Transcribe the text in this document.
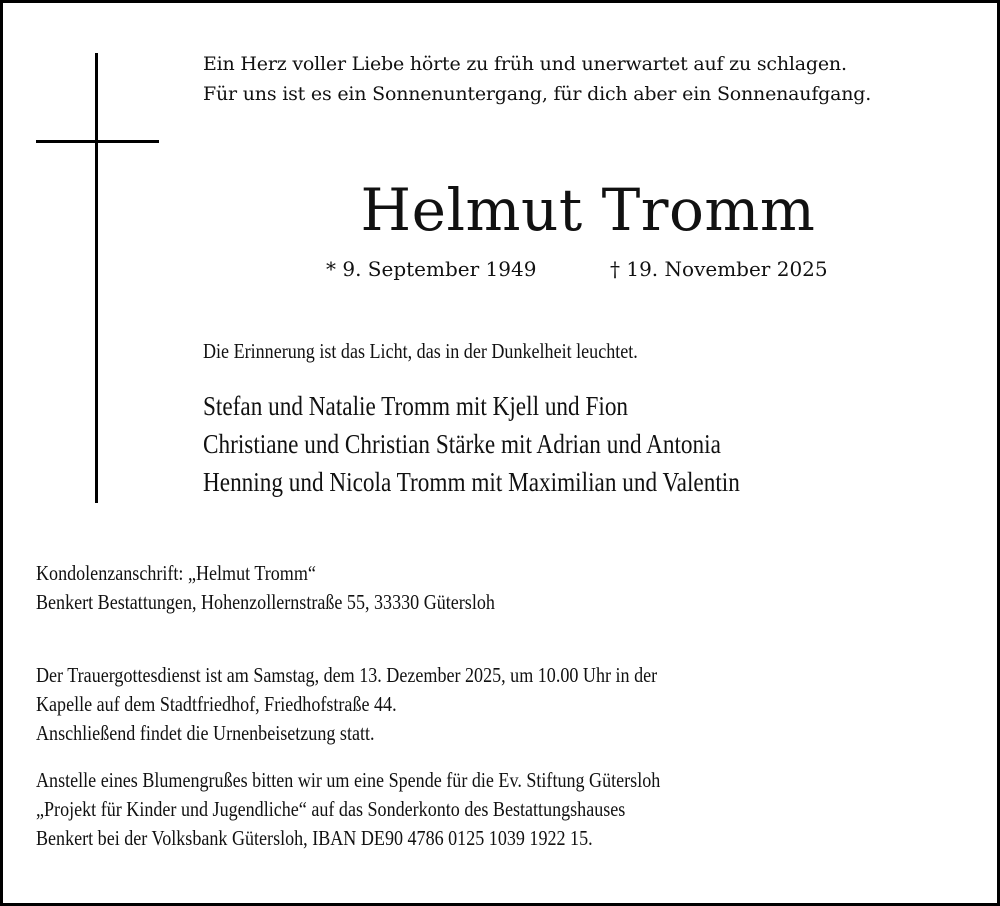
Ein Herz voller Liebe hörte zu früh und unerwartet auf zu schlagen.
Für uns ist es ein Sonnenuntergang, für dich aber ein Sonnenaufgang.
Helmut Tromm
* 9. September 1949	† 19. November 2025
Die Erinnerung ist das Licht, das in der Dunkelheit leuchtet.
Stefan und Natalie Tromm mit Kjell und Fion
Christiane und Christian Stärke mit Adrian und Antonia
Henning und Nicola Tromm mit Maximilian und Valentin
Kondolenzanschrift: „Helmut Tromm“
Benkert Bestattungen, Hohenzollernstraße 55, 33330 Gütersloh
Der Trauergottesdienst ist am Samstag, dem 13. Dezember 2025, um 10.00 Uhr in der
Kapelle auf dem Stadtfriedhof, Friedhofstraße 44.
Anschließend findet die Urnenbeisetzung statt.
Anstelle eines Blumengrußes bitten wir um eine Spende für die Ev. Stiftung Gütersloh
„Projekt für Kinder und Jugendliche“ auf das Sonderkonto des Bestattungshauses
Benkert bei der Volksbank Gütersloh, IBAN DE90 4786 0125 1039 1922 15.
